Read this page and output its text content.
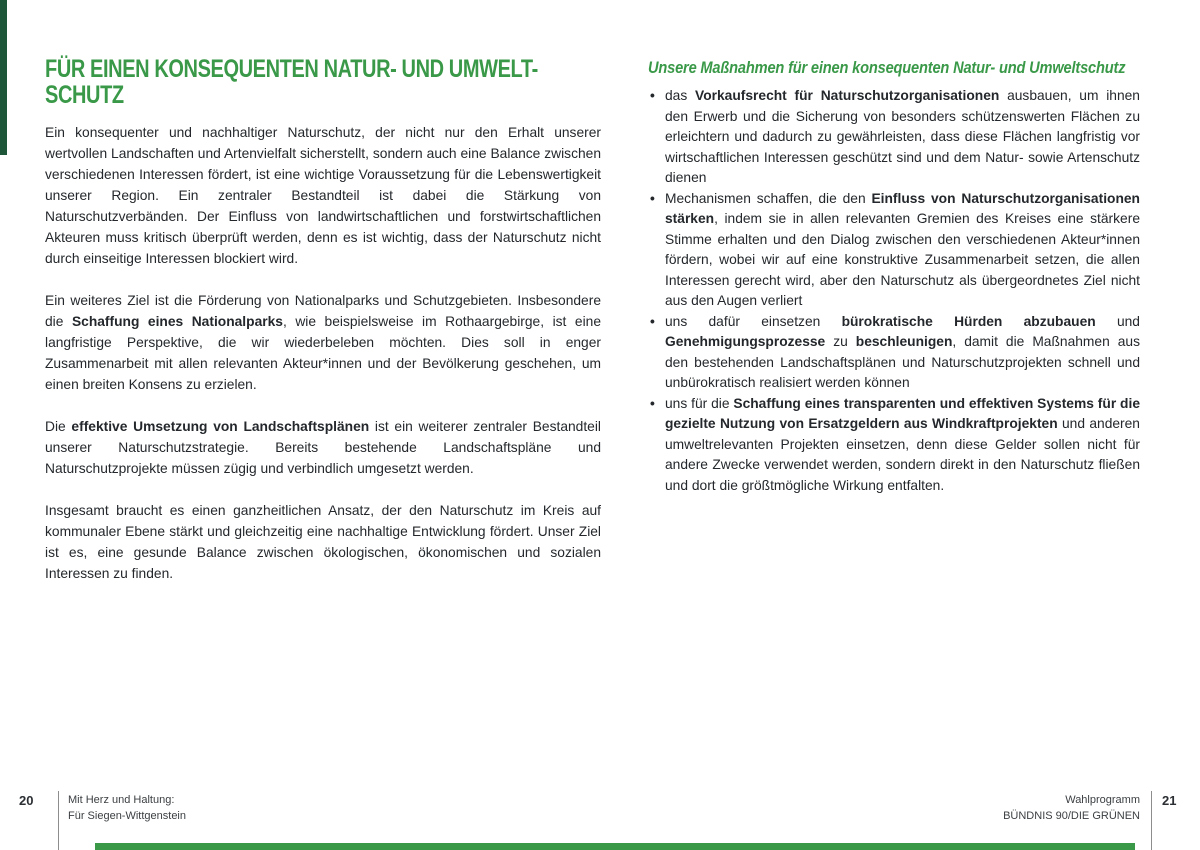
FÜR EINEN KONSEQUENTEN NATUR- UND UMWELT-
SCHUTZ

Ein konsequenter und nachhaltiger Naturschutz, der nicht nur den Erhalt unserer wertvollen Landschaften und Artenvielfalt sicherstellt, sondern auch eine Balance zwischen verschiedenen Interessen fördert, ist eine wichtige Voraussetzung für die Lebenswertigkeit unserer Region. Ein zentraler Bestandteil ist dabei die Stärkung von Naturschutzverbänden. Der Einfluss von landwirtschaftlichen und forstwirtschaftlichen Akteuren muss kritisch überprüft werden, denn es ist wichtig, dass der Naturschutz nicht durch einseitige Interessen blockiert wird.

Ein weiteres Ziel ist die Förderung von Nationalparks und Schutzgebieten. Insbesondere die Schaffung eines Nationalparks, wie beispielsweise im Rothaargebirge, ist eine langfristige Perspektive, die wir wiederbeleben möchten. Dies soll in enger Zusammenarbeit mit allen relevanten Akteur*innen und der Bevölkerung geschehen, um einen breiten Konsens zu erzielen.

Die effektive Umsetzung von Landschaftsplänen ist ein weiterer zentraler Bestandteil unserer Naturschutzstrategie. Bereits bestehende Landschaftspläne und Naturschutzprojekte müssen zügig und verbindlich umgesetzt werden.

Insgesamt braucht es einen ganzheitlichen Ansatz, der den Naturschutz im Kreis auf kommunaler Ebene stärkt und gleichzeitig eine nachhaltige Entwicklung fördert. Unser Ziel ist es, eine gesunde Balance zwischen ökologischen, ökonomischen und sozialen Interessen zu finden.

Unsere Maßnahmen für einen konsequenten Natur- und Umweltschutz
• das Vorkaufsrecht für Naturschutzorganisationen ausbauen, um ihnen den Erwerb und die Sicherung von besonders schützenswerten Flächen zu erleichtern und dadurch zu gewährleisten, dass diese Flächen langfristig vor wirtschaftlichen Interessen geschützt sind und dem Natur- sowie Artenschutz dienen
• Mechanismen schaffen, die den Einfluss von Naturschutzorganisationen stärken, indem sie in allen relevanten Gremien des Kreises eine stärkere Stimme erhalten und den Dialog zwischen den verschiedenen Akteur*innen fördern, wobei wir auf eine konstruktive Zusammenarbeit setzen, die allen Interessen gerecht wird, aber den Naturschutz als übergeordnetes Ziel nicht aus den Augen verliert
• uns dafür einsetzen bürokratische Hürden abzubauen und Genehmigungsprozesse zu beschleunigen, damit die Maßnahmen aus den bestehenden Landschaftsplänen und Naturschutzprojekten schnell und unbürokratisch realisiert werden können
• uns für die Schaffung eines transparenten und effektiven Systems für die gezielte Nutzung von Ersatzgeldern aus Windkraftprojekten und anderen umweltrelevanten Projekten einsetzen, denn diese Gelder sollen nicht für andere Zwecke verwendet werden, sondern direkt in den Naturschutz fließen und dort die größtmögliche Wirkung entfalten.
20	Mit Herz und Haltung:
Für Siegen-Wittgenstein
Wahlprogramm
BÜNDNIS 90/DIE GRÜNEN
21
